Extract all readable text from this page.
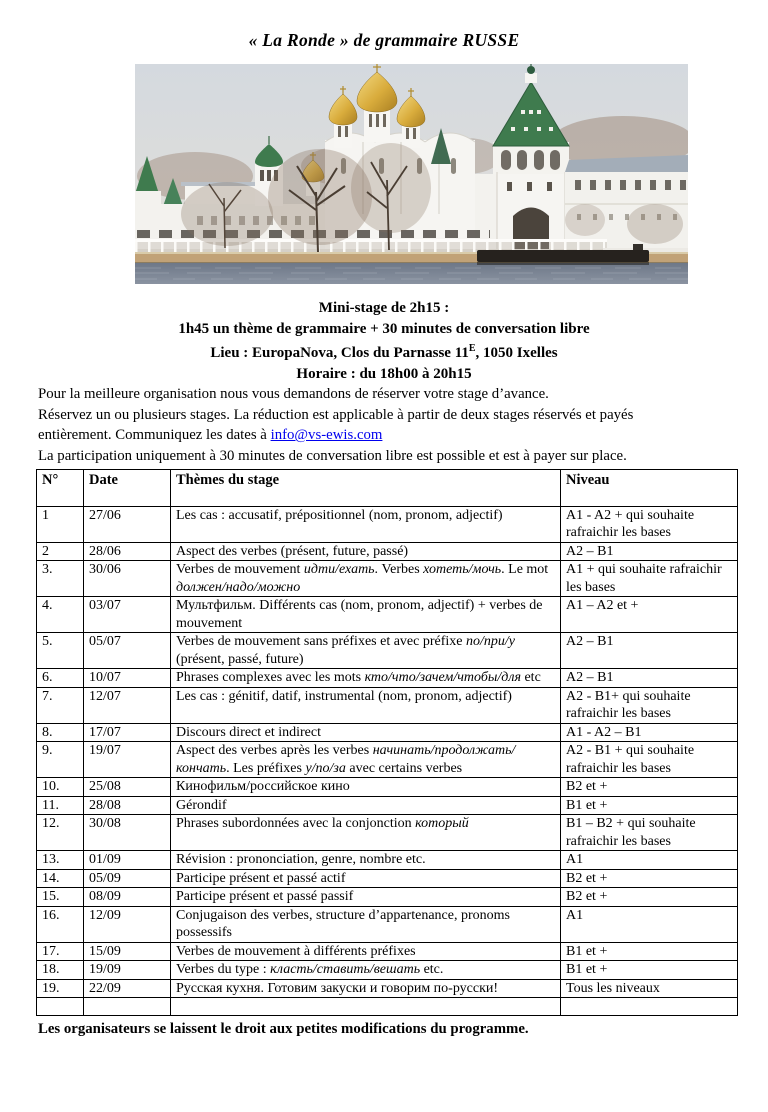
« La Ronde » de grammaire RUSSE
Mini-stage de 2h15 :
1h45 un thème de grammaire + 30 minutes de conversation libre
Lieu : EuropaNova, Clos du Parnasse $11^E$, 1050 Ixelles
Horaire : du 18h00 à 20h15
Pour la meilleure organisation nous vous demandons de réserver votre stage d’avance.
Réservez un ou plusieurs stages. La réduction est applicable à partir de deux stages réservés et payés
entièrement. Communiquez les dates à info@vs-ewis.com
La participation uniquement à 30 minutes de conversation libre est possible et est à payer sur place.
N°	Date	Thèmes du stage	Niveau
1	27/06	Les cas : accusatif, prépositionnel (nom, pronom, adjectif)	A1 - A2 + qui souhaite rafraichir les bases
2	28/06	Aspect des verbes (présent, future, passé)	A2 – B1
3.	30/06	Verbes de mouvement идти/ехать. Verbes хотеть/мочь. Le mot должен/надо/можно	A1 + qui souhaite rafraichir les bases
4.	03/07	Мультфильм. Différents cas (nom, pronom, adjectif) + verbes de mouvement	A1 – A2 et +
5.	05/07	Verbes de mouvement sans préfixes et avec préfixe по/при/у (présent, passé, future)	A2 – B1
6.	10/07	Phrases complexes avec les mots кто/что/зачем/чтобы/для etc	A2 – B1
7.	12/07	Les cas : génitif, datif, instrumental (nom, pronom, adjectif)	A2 - B1+ qui souhaite rafraichir les bases
8.	17/07	Discours direct et indirect	A1 - A2 – B1
9.	19/07	Aspect des verbes après les verbes начинать/продолжать/кончать. Les préfixes у/по/за avec certains verbes	A2 - B1 + qui souhaite rafraichir les bases
10.	25/08	Кинофильм/российское кино	B2 et +
11.	28/08	Gérondif	B1 et +
12.	30/08	Phrases subordonnées avec la conjonction который	B1 – B2 + qui souhaite rafraichir les bases
13.	01/09	Révision : prononciation, genre, nombre etc.	A1
14.	05/09	Participe présent et passé actif	B2 et +
15.	08/09	Participe présent et passé passif	B2 et +
16.	12/09	Conjugaison des verbes, structure d’appartenance, pronoms possessifs	A1
17.	15/09	Verbes de mouvement à différents préfixes	B1 et +
18.	19/09	Verbes du type : класть/ставить/вешать etc.	B1 et +
19.	22/09	Русская кухня. Готовим закуски и говорим по-русски!	Tous les niveaux

Les organisateurs se laissent le droit aux petites modifications du programme.
